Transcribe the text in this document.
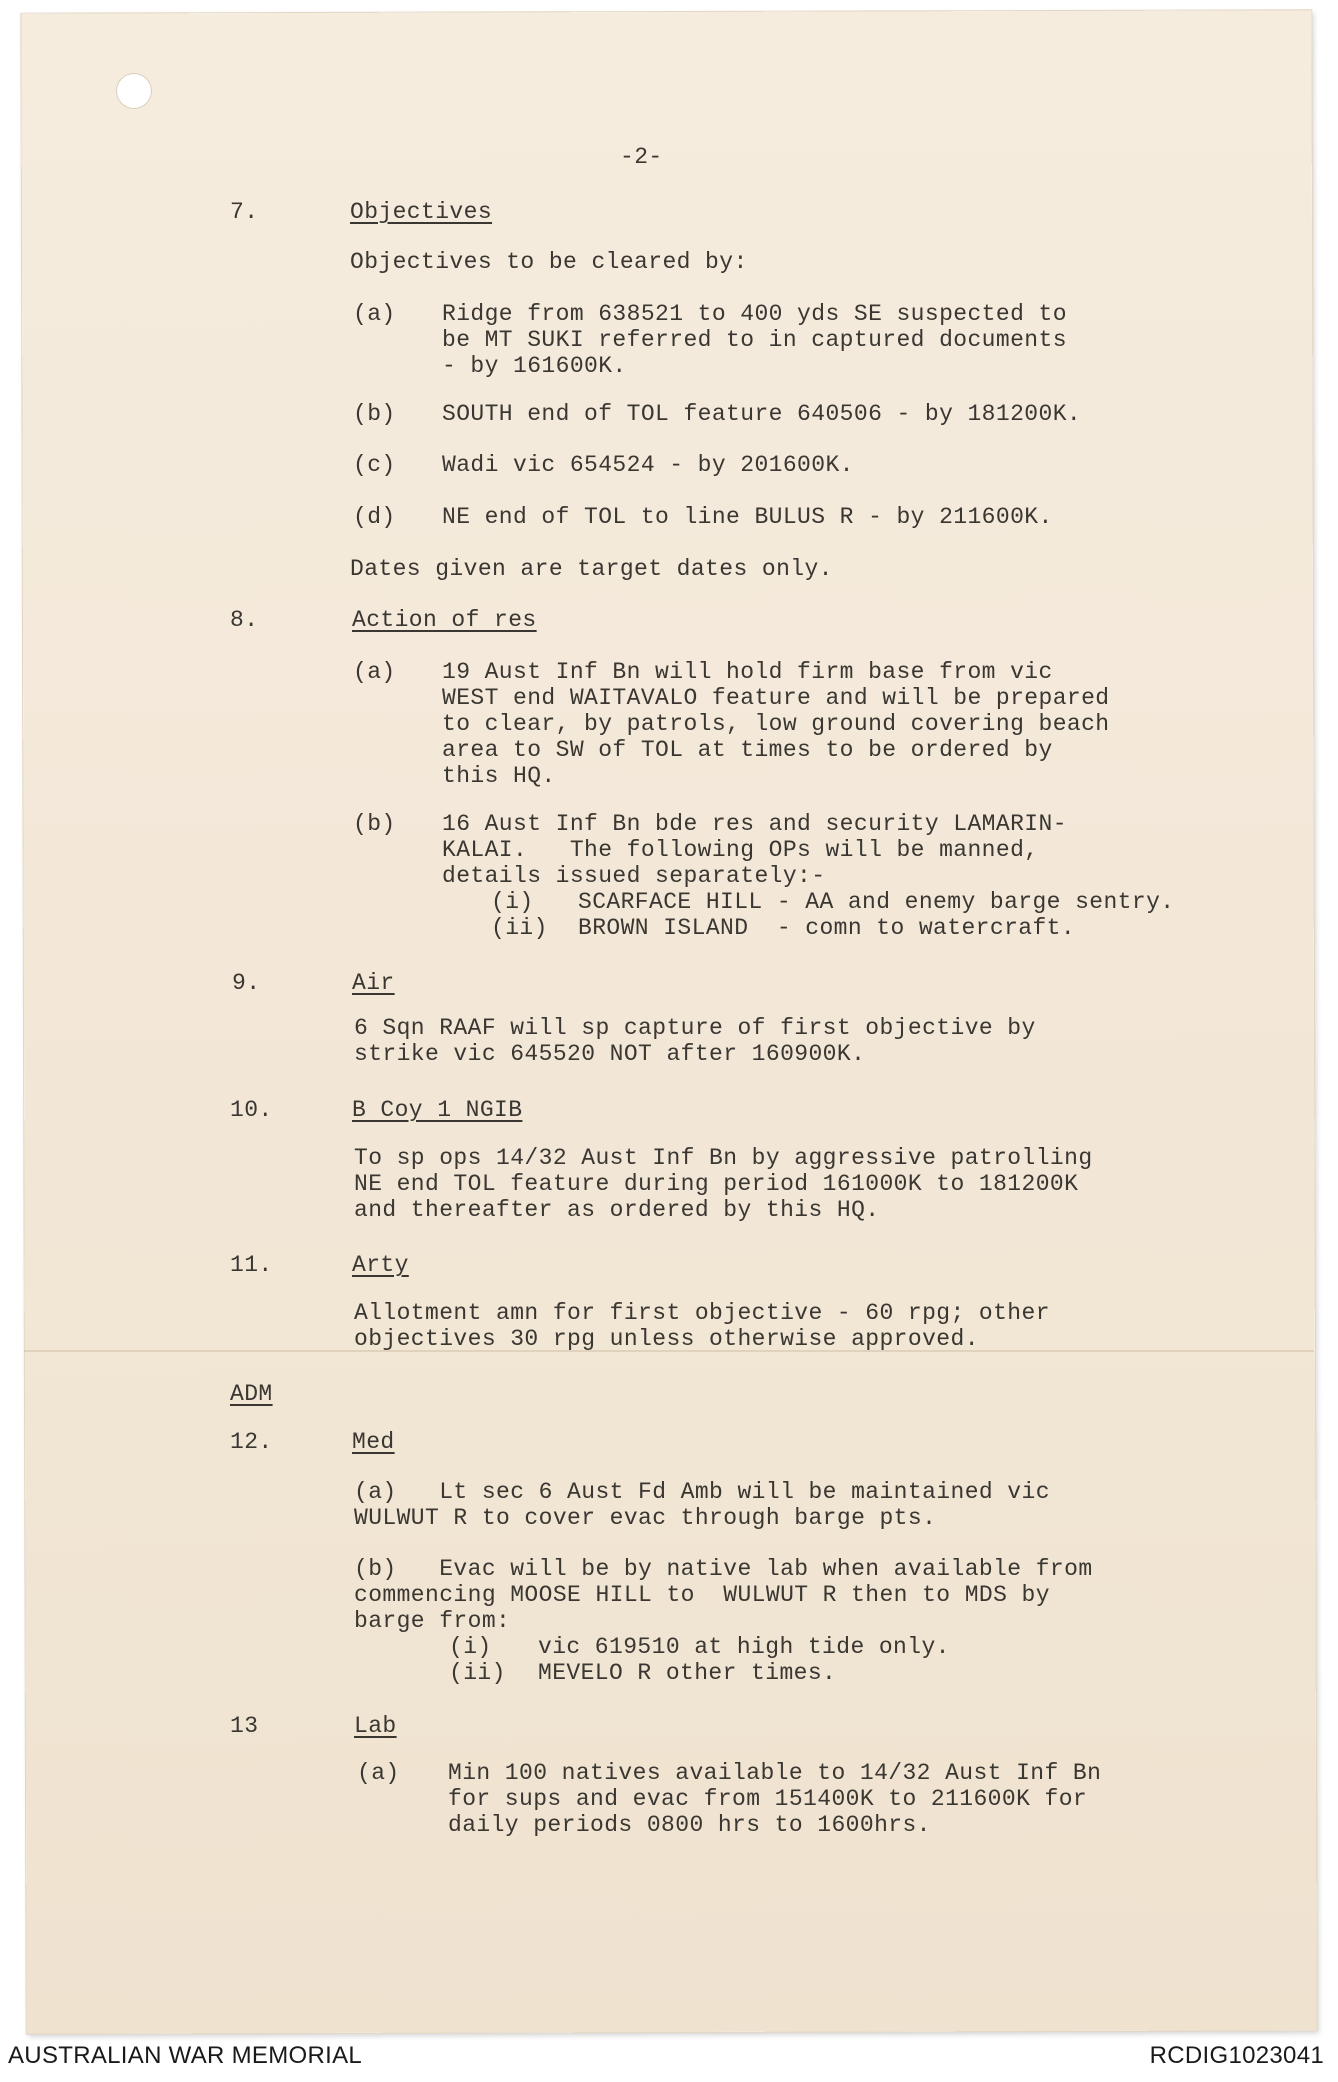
-2-
7.	Objectives
Objectives to be cleared by:
(a) Ridge from 638521 to 400 yds SE suspected to
be MT SUKI referred to in captured documents
- by 161600K.
(b) SOUTH end of TOL feature 640506 - by 181200K.
(c) Wadi vic 654524 - by 201600K.
(d) NE end of TOL to line BULUS R - by 211600K.
Dates given are target dates only.
8.	Action of res
(a) 19 Aust Inf Bn will hold firm base from vic
WEST end WAITAVALO feature and will be prepared
to clear, by patrols, low ground covering beach
area to SW of TOL at times to be ordered by
this HQ.
(b) 16 Aust Inf Bn bde res and security LAMARIN-
KALAI.   The following OPs will be manned,
details issued separately:-
(i) SCARFACE HILL - AA and enemy barge sentry.
(ii) BROWN ISLAND  - comn to watercraft.
9.	Air
6 Sqn RAAF will sp capture of first objective by
strike vic 645520 NOT after 160900K.
10.	B Coy 1 NGIB
To sp ops 14/32 Aust Inf Bn by aggressive patrolling
NE end TOL feature during period 161000K to 181200K
and thereafter as ordered by this HQ.
11.	Arty
Allotment amn for first objective - 60 rpg; other
objectives 30 rpg unless otherwise approved.
ADM
12.	Med
(a)   Lt sec 6 Aust Fd Amb will be maintained vic
WULWUT R to cover evac through barge pts.
(b)   Evac will be by native lab when available from
commencing MOOSE HILL to  WULWUT R then to MDS by
barge from:
(i) vic 619510 at high tide only.
(ii) MEVELO R other times.
13	Lab
(a) Min 100 natives available to 14/32 Aust Inf Bn
for sups and evac from 151400K to 211600K for
daily periods 0800 hrs to 1600hrs.
AUSTRALIAN WAR MEMORIAL	RCDIG1023041
